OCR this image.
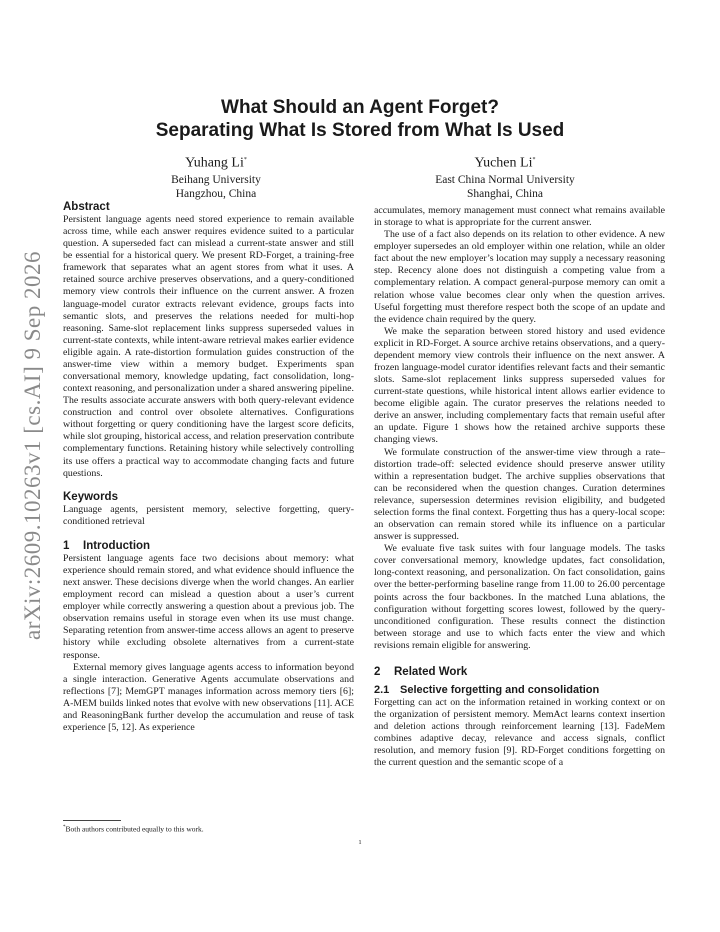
What Should an Agent Forget?
Separating What Is Stored from What Is Used
Yuhang Li*
Beihang University
Hangzhou, China
Yuchen Li*
East China Normal University
Shanghai, China
arXiv:2609.10263v1 [cs.AI] 9 Sep 2026
Abstract

Persistent language agents need stored experience to remain available across time, while each answer requires evidence suited to a particular question. A superseded fact can mislead a current-state answer and still be essential for a historical query. We present RD-Forget, a training-free framework that separates what an agent stores from what it uses. A retained source archive preserves observations, and a query-conditioned memory view controls their influence on the current answer. A frozen language-model curator extracts relevant evidence, groups facts into semantic slots, and preserves the relations needed for multi-hop reasoning. Same-slot replacement links suppress superseded values in current-state contexts, while intent-aware retrieval makes earlier evidence eligible again. A rate-distortion formulation guides construction of the answer-time view within a memory budget. Experiments span conversational memory, knowledge updating, fact consolidation, long-context reasoning, and personalization under a shared answering pipeline. The results associate accurate answers with both query-relevant evidence construction and control over obsolete alternatives. Configurations without forgetting or query conditioning have the largest score deficits, while slot grouping, historical access, and relation preservation contribute complementary functions. Retaining history while selectively controlling its use offers a practical way to accommodate changing facts and future questions.

Keywords

Language agents, persistent memory, selective forgetting, query-conditioned retrieval

1 Introduction

Persistent language agents face two decisions about memory: what experience should remain stored, and what evidence should influence the next answer. These decisions diverge when the world changes. An earlier employment record can mislead a question about a user’s current employer while correctly answering a question about a previous job. The observation remains useful in storage even when its use must change. Separating retention from answer-time access allows an agent to preserve history while excluding obsolete alternatives from a current-state response.

External memory gives language agents access to information beyond a single interaction. Generative Agents accumulate observations and reflections [7]; MemGPT manages information across memory tiers [6]; A-MEM builds linked notes that evolve with new observations [11]. ACE and ReasoningBank further develop the accumulation and reuse of task experience [5, 12]. As experience

accumulates, memory management must connect what remains available in storage to what is appropriate for the current answer.

The use of a fact also depends on its relation to other evidence. A new employer supersedes an old employer within one relation, while an older fact about the new employer’s location may supply a necessary reasoning step. Recency alone does not distinguish a competing value from a complementary relation. A compact general-purpose memory can omit a relation whose value becomes clear only when the question arrives. Useful forgetting must therefore respect both the scope of an update and the evidence chain required by the query.

We make the separation between stored history and used evidence explicit in RD-Forget. A source archive retains observations, and a query-dependent memory view controls their influence on the next answer. A frozen language-model curator identifies relevant facts and their semantic slots. Same-slot replacement links suppress superseded values for current-state questions, while historical intent allows earlier evidence to become eligible again. The curator preserves the relations needed to derive an answer, including complementary facts that remain useful after an update. Figure 1 shows how the retained archive supports these changing views.

We formulate construction of the answer-time view through a rate–distortion trade-off: selected evidence should preserve answer utility within a representation budget. The archive supplies observations that can be reconsidered when the question changes. Curation determines relevance, supersession determines revision eligibility, and budgeted selection forms the final context. Forgetting thus has a query-local scope: an observation can remain stored while its influence on a particular answer is suppressed.

We evaluate five task suites with four language models. The tasks cover conversational memory, knowledge updates, fact consolidation, long-context reasoning, and personalization. On fact consolidation, gains over the better-performing baseline range from 11.00 to 26.00 percentage points across the four backbones. In the matched Luna ablations, the configuration without forgetting scores lowest, followed by the query-unconditioned configuration. These results connect the distinction between storage and use to which facts enter the view and which revisions remain eligible for answering.

2 Related Work
2.1 Selective forgetting and consolidation

Forgetting can act on the information retained in working context or on the organization of persistent memory. MemAct learns context insertion and deletion actions through reinforcement learning [13]. FadeMem combines adaptive decay, relevance and access signals, conflict resolution, and memory fusion [9]. RD-Forget conditions forgetting on the current question and the semantic scope of a

*Both authors contributed equally to this work.
1
